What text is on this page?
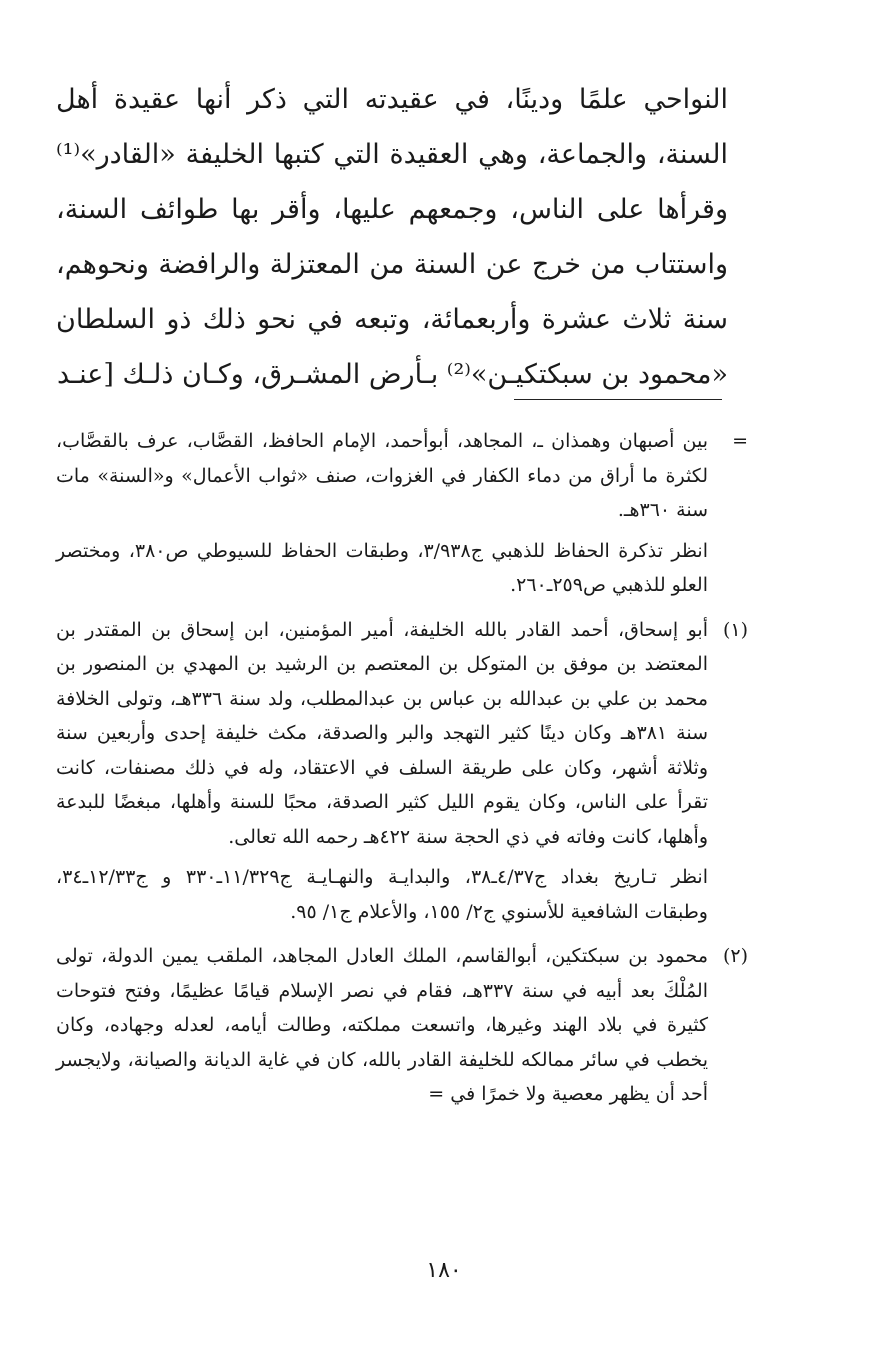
النواحي علمًا ودينًا، في عقيدته التي ذكر أنها عقيدة أهل السنة، والجماعة، وهي العقيدة التي كتبها الخليفة «القادر»⁽¹⁾ وقرأها على الناس، وجمعهم عليها، وأقر بها طوائف السنة، واستتاب من خرج عن السنة من المعتزلة والرافضة ونحوهم، سنة ثلاث عشرة وأربعمائة، وتبعه في نحو ذلك ذو السلطان «محمود بن سبكتكيـن»⁽²⁾ بـأرض المشـرق، وكـان ذلـك [عنـد

=

بين أصبهان وهمذان ـ، المجاهد، أبوأحمد، الإمام الحافظ، القصَّاب، عرف بالقصَّاب، لكثرة ما أراق من دماء الكفار في الغزوات، صنف «ثواب الأعمال» و«السنة» مات سنة ٣٦٠هـ.

انظر تذكرة الحفاظ للذهبي ج٣/٩٣٨، وطبقات الحفاظ للسيوطي ص٣٨٠، ومختصر العلو للذهبي ص٢٥٩ـ٢٦٠.

(١)

أبو إسحاق، أحمد القادر بالله الخليفة، أمير المؤمنين، ابن إسحاق بن المقتدر بن المعتضد بن موفق بن المتوكل بن المعتصم بن الرشيد بن المهدي بن المنصور بن محمد بن علي بن عبدالله بن عباس بن عبدالمطلب، ولد سنة ٣٣٦هـ، وتولى الخلافة سنة ٣٨١هـ وكان دينًا كثير التهجد والبر والصدقة، مكث خليفة إحدى وأربعين سنة وثلاثة أشهر، وكان على طريقة السلف في الاعتقاد، وله في ذلك مصنفات، كانت تقرأ على الناس، وكان يقوم الليل كثير الصدقة، محبًا للسنة وأهلها، مبغضًا للبدعة وأهلها، كانت وفاته في ذي الحجة سنة ٤٢٢هـ رحمه الله تعالى.

انظر تـاريخ بغداد ج٤/٣٧ـ٣٨، والبدايـة والنهـايـة ج١١/٣٢٩ـ٣٣٠ و ج١٢/٣٣ـ٣٤، وطبقات الشافعية للأسنوي ج٢/ ١٥٥، والأعلام ج١/ ٩٥.

(٢)

محمود بن سبكتكين، أبوالقاسم، الملك العادل المجاهد، الملقب يمين الدولة، تولى المُلْكَ بعد أبيه في سنة ٣٣٧هـ، فقام في نصر الإسلام قيامًا عظيمًا، وفتح فتوحات كثيرة في بلاد الهند وغيرها، واتسعت مملكته، وطالت أيامه، لعدله وجهاده، وكان يخطب في سائر ممالكه للخليفة القادر بالله، كان في غاية الديانة والصيانة، ولايجسر أحد أن يظهر معصية ولا خمرًا في =

١٨٠
